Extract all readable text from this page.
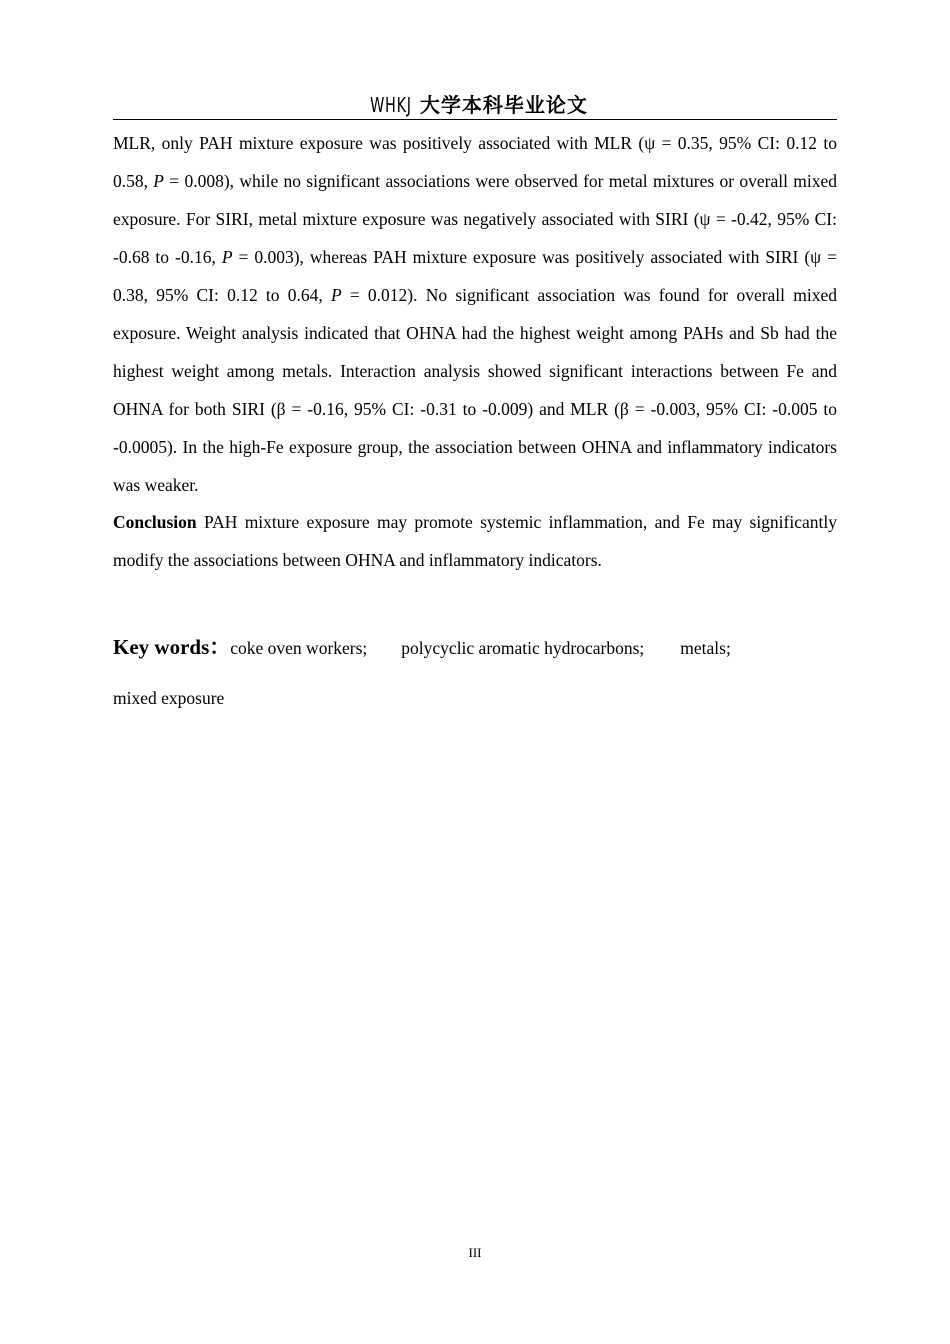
WHKJ 大学本科毕业论文

MLR, only PAH mixture exposure was positively associated with MLR (ψ = 0.35, 95% CI: 0.12 to 0.58, P = 0.008), while no significant associations were observed for metal mixtures or overall mixed exposure. For SIRI, metal mixture exposure was negatively associated with SIRI (ψ = -0.42, 95% CI: -0.68 to -0.16, P = 0.003), whereas PAH mixture exposure was positively associated with SIRI (ψ = 0.38, 95% CI: 0.12 to 0.64, P = 0.012). No significant association was found for overall mixed exposure. Weight analysis indicated that OHNA had the highest weight among PAHs and Sb had the highest weight among metals. Interaction analysis showed significant interactions between Fe and OHNA for both SIRI (β = -0.16, 95% CI: -0.31 to -0.009) and MLR (β = -0.003, 95% CI: -0.005 to -0.0005). In the high-Fe exposure group, the association between OHNA and inflammatory indicators was weaker.

Conclusion PAH mixture exposure may promote systemic inflammation, and Fe may significantly modify the associations between OHNA and inflammatory indicators.

Key words：coke oven workers; polycyclic aromatic hydrocarbons; metals;
mixed exposure
III
